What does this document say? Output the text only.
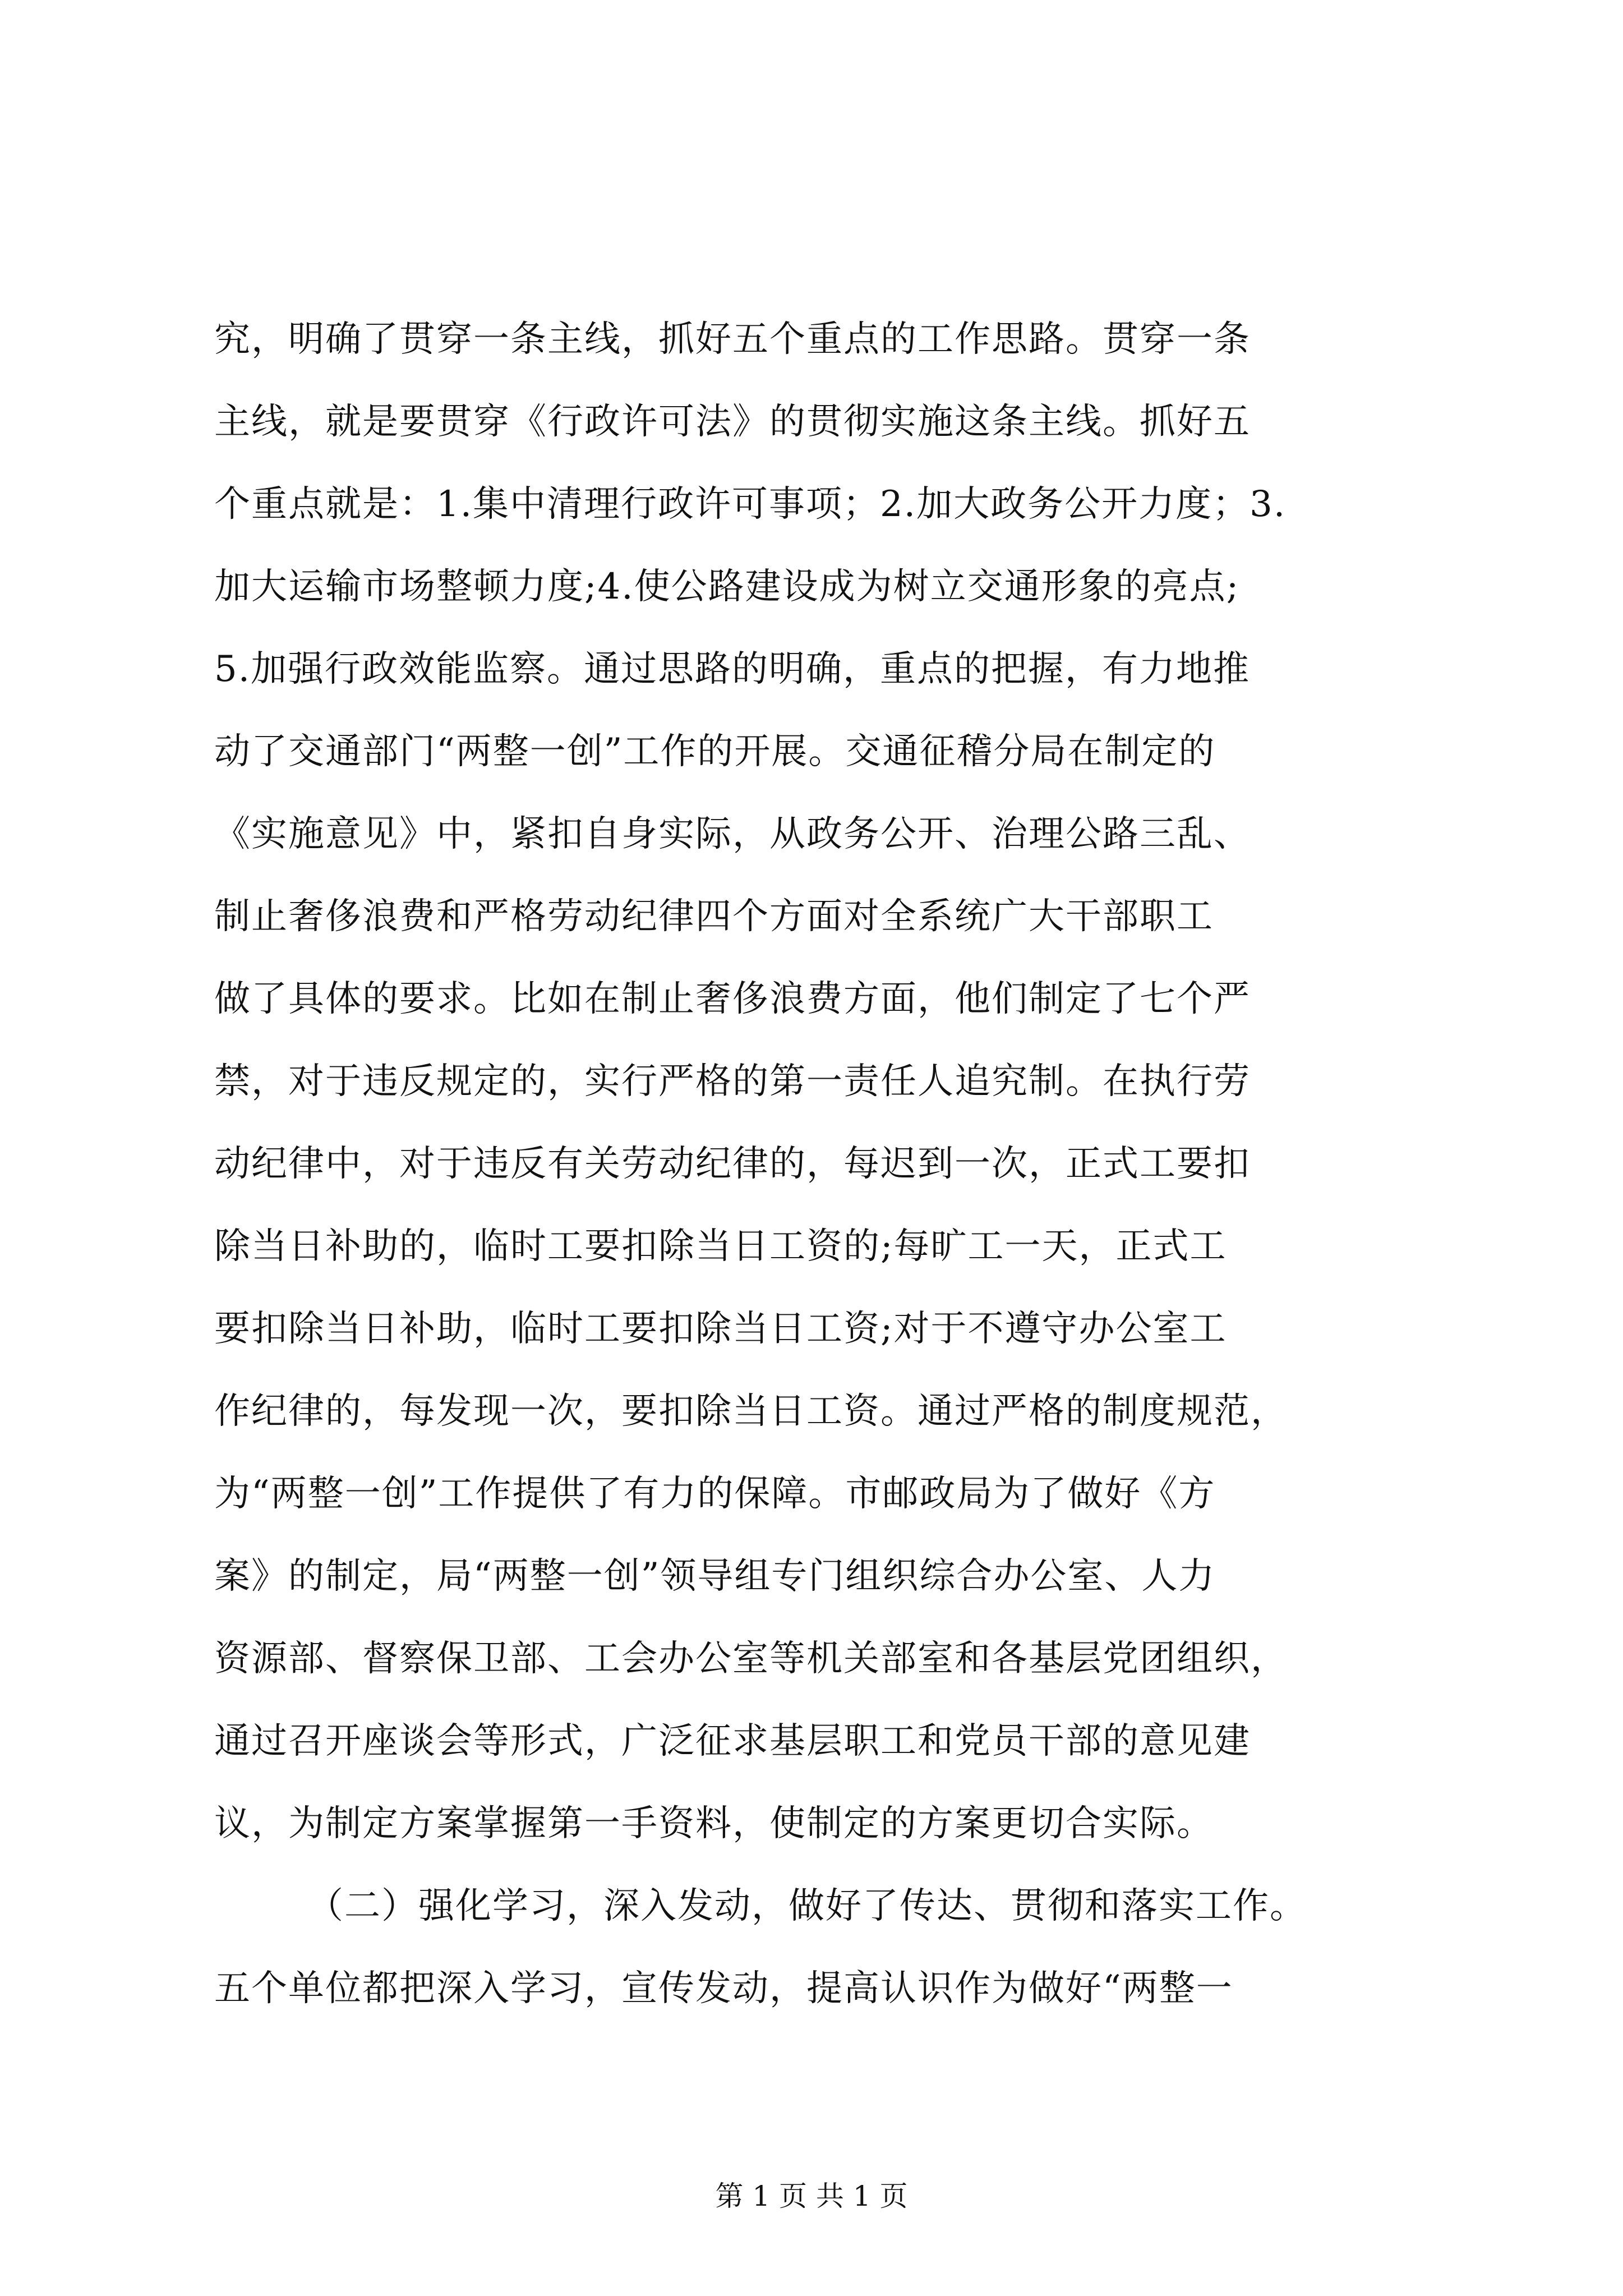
究，明确了贯穿一条主线，抓好五个重点的工作思路。贯穿一条
主线，就是要贯穿《行政许可法》的贯彻实施这条主线。抓好五
个重点就是：1.集中清理行政许可事项；2.加大政务公开力度；3.
加大运输市场整顿力度;4.使公路建设成为树立交通形象的亮点;
5.加强行政效能监察。通过思路的明确，重点的把握，有力地推
动了交通部门“两整一创”工作的开展。交通征稽分局在制定的
《实施意见》中，紧扣自身实际，从政务公开、治理公路三乱、
制止奢侈浪费和严格劳动纪律四个方面对全系统广大干部职工
做了具体的要求。比如在制止奢侈浪费方面，他们制定了七个严
禁，对于违反规定的，实行严格的第一责任人追究制。在执行劳
动纪律中，对于违反有关劳动纪律的，每迟到一次，正式工要扣
除当日补助的，临时工要扣除当日工资的;每旷工一天，正式工
要扣除当日补助，临时工要扣除当日工资;对于不遵守办公室工
作纪律的，每发现一次，要扣除当日工资。通过严格的制度规范，
为“两整一创”工作提供了有力的保障。市邮政局为了做好《方
案》的制定，局“两整一创”领导组专门组织综合办公室、人力
资源部、督察保卫部、工会办公室等机关部室和各基层党团组织，
通过召开座谈会等形式，广泛征求基层职工和党员干部的意见建
议，为制定方案掌握第一手资料，使制定的方案更切合实际。
（二）强化学习，深入发动，做好了传达、贯彻和落实工作。
五个单位都把深入学习，宣传发动，提高认识作为做好“两整一
第 1 页 共 1 页
